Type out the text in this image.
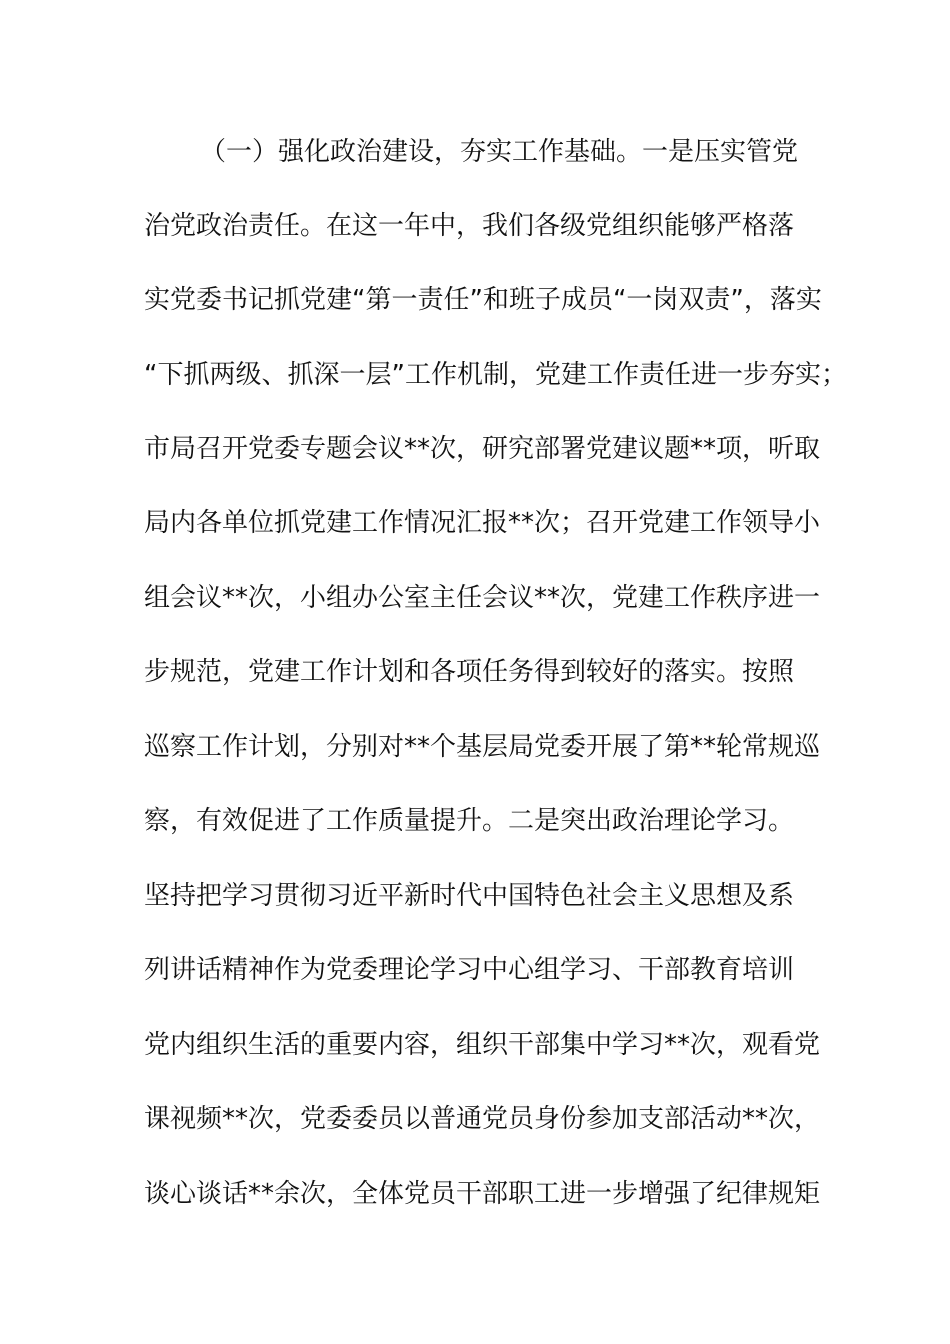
（一）强化政治建设，夯实工作基础。一是压实管党
治党政治责任。在这一年中，我们各级党组织能够严格落
实党委书记抓党建“第一责任”和班子成员“一岗双责”，落实
“下抓两级、抓深一层”工作机制，党建工作责任进一步夯实；
市局召开党委专题会议**次，研究部署党建议题**项，听取
局内各单位抓党建工作情况汇报**次；召开党建工作领导小
组会议**次，小组办公室主任会议**次，党建工作秩序进一
步规范，党建工作计划和各项任务得到较好的落实。按照
巡察工作计划，分别对**个基层局党委开展了第**轮常规巡
察，有效促进了工作质量提升。二是突出政治理论学习。
坚持把学习贯彻习近平新时代中国特色社会主义思想及系
列讲话精神作为党委理论学习中心组学习、干部教育培训
党内组织生活的重要内容，组织干部集中学习**次，观看党
课视频**次，党委委员以普通党员身份参加支部活动**次，
谈心谈话**余次，全体党员干部职工进一步增强了纪律规矩
